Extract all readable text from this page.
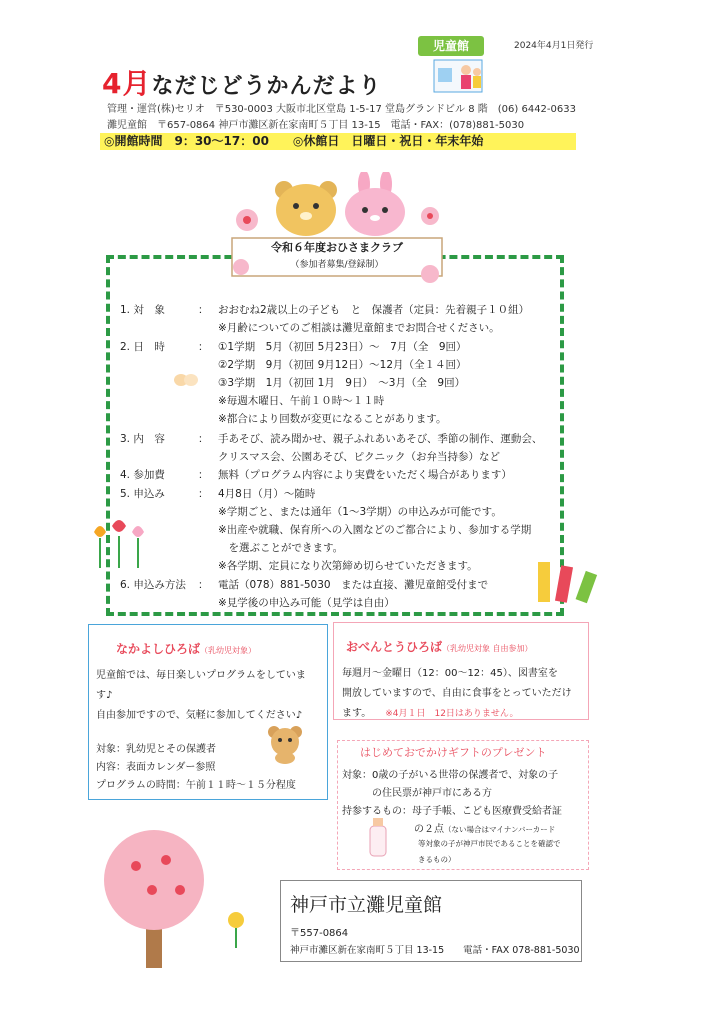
2024年4月1日発行
児童館
4月なだじどうかんだより
管理・運営(株)セリオ　〒530-0003 大阪市北区堂島 1-5-17 堂島グランドビル 8 階　(06) 6442-0633
灘児童館　〒657-0864 神戸市灘区新在家南町５丁目 13-15　電話・FAX：(078)881-5030
◎開館時間　9：30～17：00　　◎休館日　日曜日・祝日・年末年始
令和６年度おひさまクラブ
（参加者募集/登録制）
1. 対　象	： おおむね2歳以上の子ども　と　保護者（定員：先着親子１０組）
※月齢についてのご相談は灘児童館までお問合せください。
2. 日　時	： ①1学期　5月（初回 5月23日）～　7月（全　9回）
②2学期　9月（初回 9月12日）～12月（全１４回）
③3学期　1月（初回 1月　9日）　～3月（全　9回）
※毎週木曜日、午前１０時～１１時
※都合により回数が変更になることがあります。
3. 内　容	： 手あそび、読み聞かせ、親子ふれあいあそび、季節の制作、運動会、
クリスマス会、公園あそび、ピクニック（お弁当持参）など
4. 参加費	： 無料（プログラム内容により実費をいただく場合があります）
5. 申込み	： 4月8日（月）～随時
※学期ごと、または通年（1～3学期）の申込みが可能です。
※出産や就職、保育所への入園などのご都合により、参加する学期
　を選ぶことができます。
※各学期、定員になり次第締め切らせていただきます。
6. 申込み方法 ： 電話（078）881-5030　または直接、灘児童館受付まで
※見学後の申込み可能（見学は自由）
なかよしひろば（乳幼児対象）
児童館では、毎日楽しいプログラムをしていま
す♪
自由参加ですので、気軽に参加してください♪
対象：乳幼児とその保護者
内容：表面カレンダー参照
プログラムの時間：午前１１時～１５分程度
おべんとうひろば（乳幼児対象 自由参加）
毎週月～金曜日（12：00～12：45）、図書室を
開放していますので、自由に食事をとっていただけ
ます。 ※4月１日　12日はありません。
はじめておでかけギフトのプレゼント
対象：0歳の子がいる世帯の保護者で、対象の子
　　　の住民票が神戸市にある方
持参するもの：母子手帳、こども医療費受給者証
の２点（ない場合はマイナンバーカード
等対象の子が神戸市民であることを確認で
きるもの）
神戸市立灘児童館
〒557-0864
神戸市灘区新在家南町５丁目 13-15　　電話・FAX 078-881-5030
